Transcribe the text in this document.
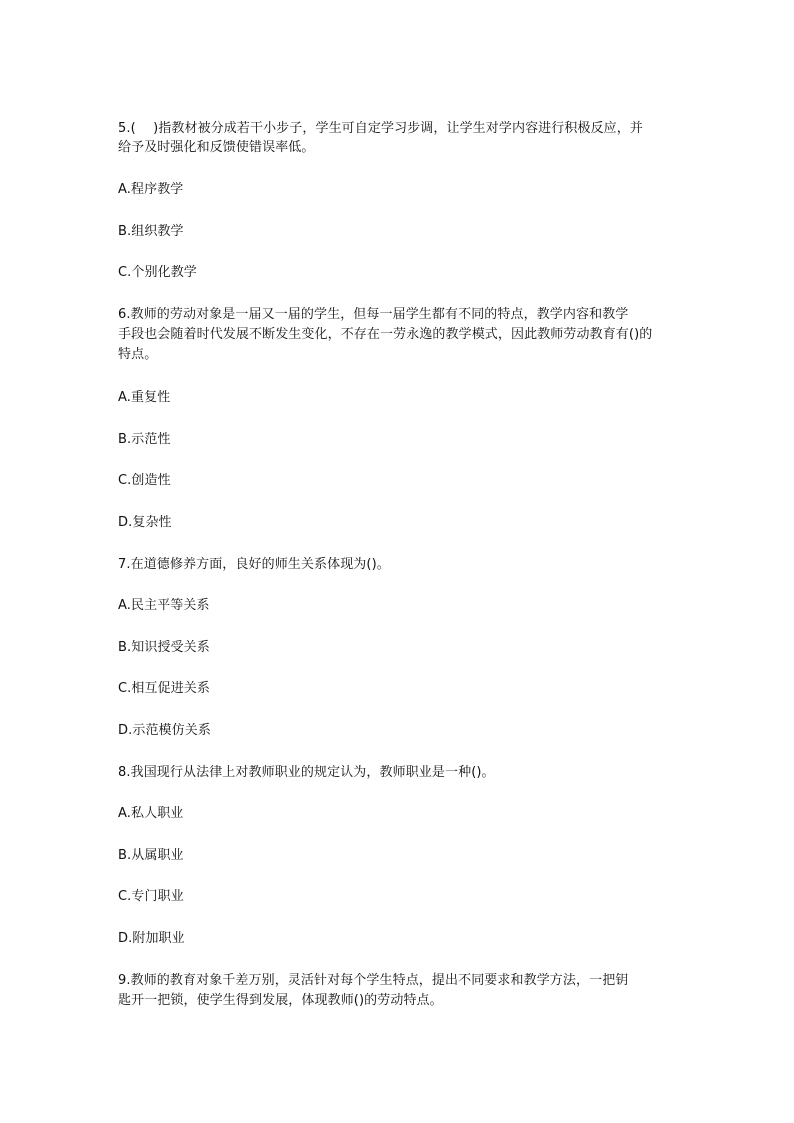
5.(　 )指教材被分成若干小步子，学生可自定学习步调，让学生对学内容进行积极反应，并
给予及时强化和反馈使错误率低。
A.程序教学
B.组织教学
C.个别化教学
6.教师的劳动对象是一届又一届的学生，但每一届学生都有不同的特点，教学内容和教学
手段也会随着时代发展不断发生变化，不存在一劳永逸的教学模式，因此教师劳动教育有()的
特点。
A.重复性
B.示范性
C.创造性
D.复杂性
7.在道德修养方面，良好的师生关系体现为()。
A.民主平等关系
B.知识授受关系
C.相互促进关系
D.示范模仿关系
8.我国现行从法律上对教师职业的规定认为，教师职业是一种()。
A.私人职业
B.从属职业
C.专门职业
D.附加职业
9.教师的教育对象千差万别，灵活针对每个学生特点，提出不同要求和教学方法，一把钥
匙开一把锁，使学生得到发展，体现教师()的劳动特点。
